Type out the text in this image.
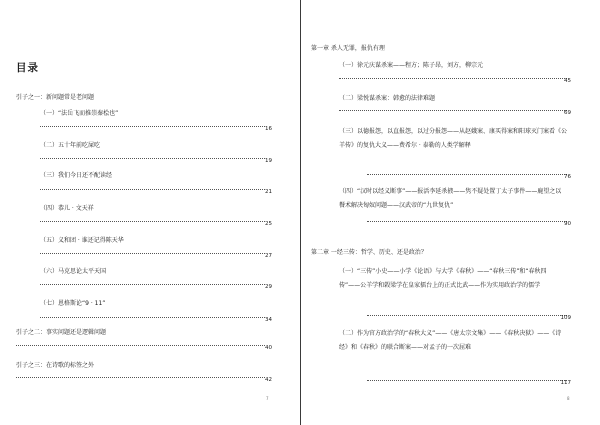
目录
引子之一：新问题常是老问题
（一）“法岳飞而推崇秦桧也”
16
（二）五十年前吃屎吃
19
（三）我们今日还不配读经
21
（四）恭儿 · 文天祥
25
（五）义和团 · 谁还记得陈天华
27
（六）马克思论太平天国
29
（七）恩格斯论“9 · 11”
34
引子之二：事实问题还是逻辑问题
40
引子之三：在诗歌的标签之外
42
7
第一章 杀人无罪，报仇有理
（一）徐元庆谋杀案——程方；陈子昂，刘方，柳宗元
45
（二）梁悦谋杀案：韩愈的法律难题
69
（三）以德报怨，以直报怨，以过分报怨——从赵娥案、康买得案和阳球灭门案看《公羊传》的复仇大义——费希尔 · 泰勒的人类学解释
76
（四）“汉时以经义断事”——报活李延杀掖——隽不疑处置丁太子事件——鹿望之以餐术解决匈奴问题——汉武帝的“九世复仇”
90
第二章 一经三传：哲学、历史、还是政治？
（一）“三传”小史——小学《论语》与大学《春秋》——“春秋三传”和“春秋四传”——公羊学和榖梁学在皇家擂台上的正式比武——作为实用政治学的儒学
109
（二）作为官方政治学的“春秋大义”——《唐太宗文集》——《春秋决狱》——《诗经》和《春秋》的联合断案——对孟子的一次屈难
117
8
